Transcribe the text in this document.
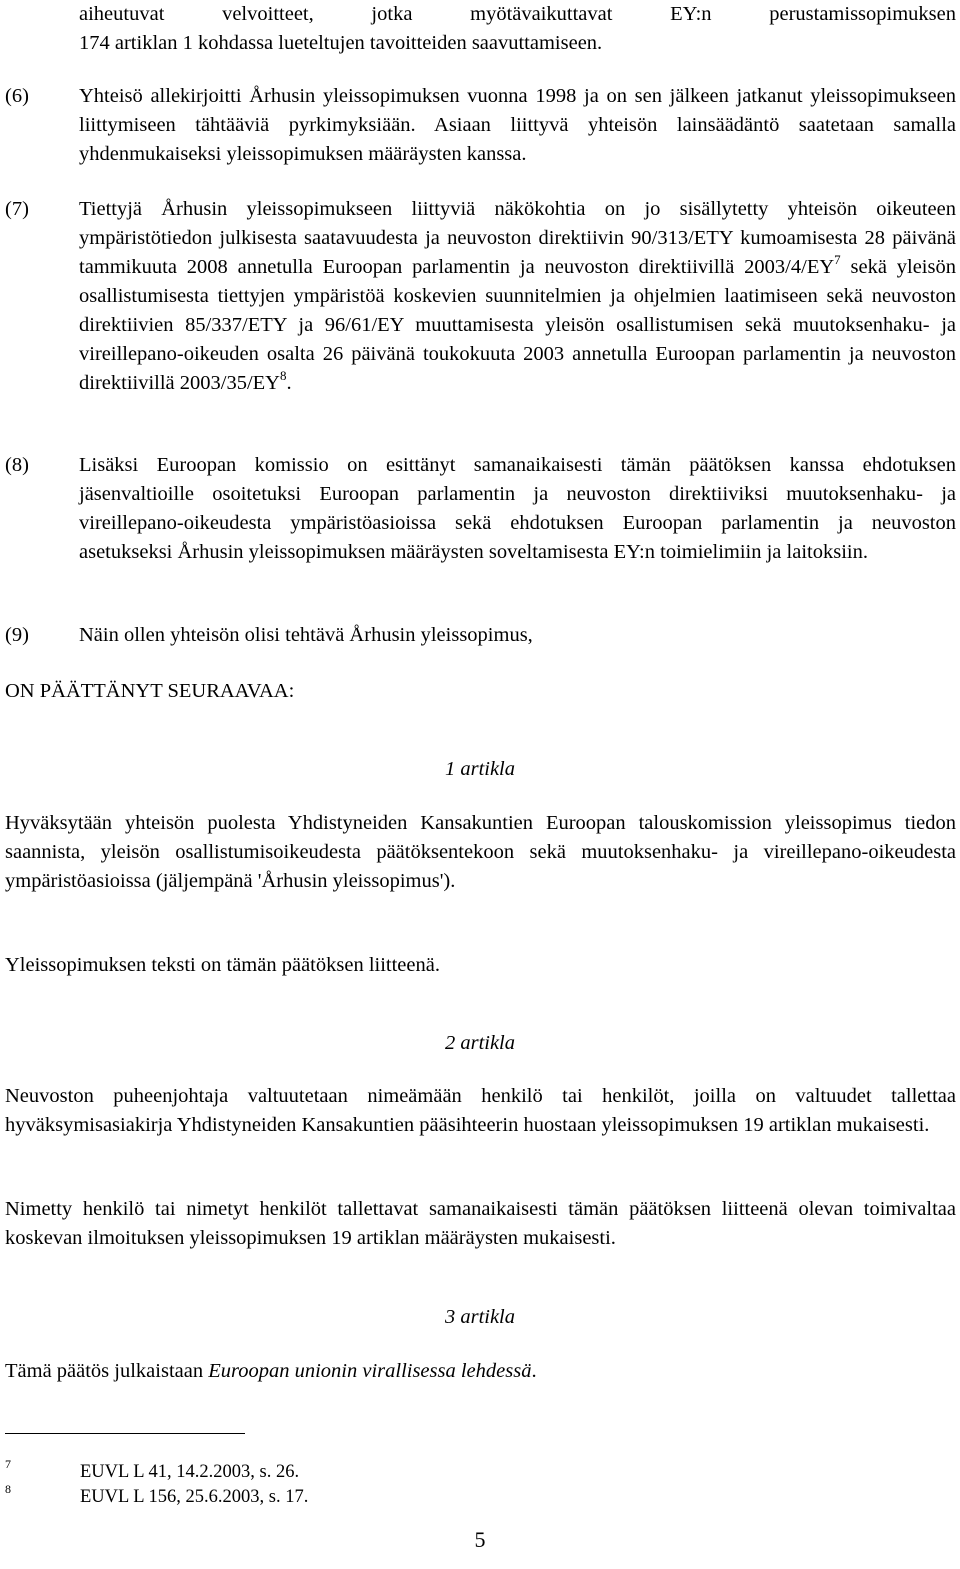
aiheutuvat velvoitteet, jotka myötävaikuttavat EY:n perustamissopimuksen
174 artiklan 1 kohdassa lueteltujen tavoitteiden saavuttamiseen.
(6)	Yhteisö allekirjoitti Århusin yleissopimuksen vuonna 1998 ja on sen jälkeen jatkanut yleissopimukseen liittymiseen tähtääviä pyrkimyksiään. Asiaan liittyvä yhteisön lainsäädäntö saatetaan samalla yhdenmukaiseksi yleissopimuksen määräysten kanssa.
(7)	Tiettyjä Århusin yleissopimukseen liittyviä näkökohtia on jo sisällytetty yhteisön oikeuteen ympäristötiedon julkisesta saatavuudesta ja neuvoston direktiivin 90/313/ETY kumoamisesta 28 päivänä tammikuuta 2008 annetulla Euroopan parlamentin ja neuvoston direktiivillä $2003/4/EY^7$ sekä yleisön osallistumisesta tiettyjen ympäristöä koskevien suunnitelmien ja ohjelmien laatimiseen sekä neuvoston direktiivien 85/337/ETY ja 96/61/EY muuttamisesta yleisön osallistumisen sekä muutoksenhaku- ja vireillepano-oikeuden osalta 26 päivänä toukokuuta 2003 annetulla Euroopan parlamentin ja neuvoston direktiivillä $2003/35/EY^8$.
(8)	Lisäksi Euroopan komissio on esittänyt samanaikaisesti tämän päätöksen kanssa ehdotuksen jäsenvaltioille osoitetuksi Euroopan parlamentin ja neuvoston direktiiviksi muutoksenhaku- ja vireillepano-oikeudesta ympäristöasioissa sekä ehdotuksen Euroopan parlamentin ja neuvoston asetukseksi Århusin yleissopimuksen määräysten soveltamisesta EY:n toimielimiin ja laitoksiin.
(9)	Näin ollen yhteisön olisi tehtävä Århusin yleissopimus,
ON PÄÄTTÄNYT SEURAAVAA:
1 artikla
Hyväksytään yhteisön puolesta Yhdistyneiden Kansakuntien Euroopan talouskomission yleissopimus tiedon saannista, yleisön osallistumisoikeudesta päätöksentekoon sekä muutoksenhaku- ja vireillepano-oikeudesta ympäristöasioissa (jäljempänä 'Århusin yleissopimus').
Yleissopimuksen teksti on tämän päätöksen liitteenä.
2 artikla
Neuvoston puheenjohtaja valtuutetaan nimeämään henkilö tai henkilöt, joilla on valtuudet tallettaa hyväksymisasiakirja Yhdistyneiden Kansakuntien pääsihteerin huostaan yleissopimuksen 19 artiklan mukaisesti.
Nimetty henkilö tai nimetyt henkilöt tallettavat samanaikaisesti tämän päätöksen liitteenä olevan toimivaltaa koskevan ilmoituksen yleissopimuksen 19 artiklan määräysten mukaisesti.
3 artikla
Tämä päätös julkaistaan Euroopan unionin virallisessa lehdessä.
7	EUVL L 41, 14.2.2003, s. 26.
8	EUVL L 156, 25.6.2003, s. 17.
5
